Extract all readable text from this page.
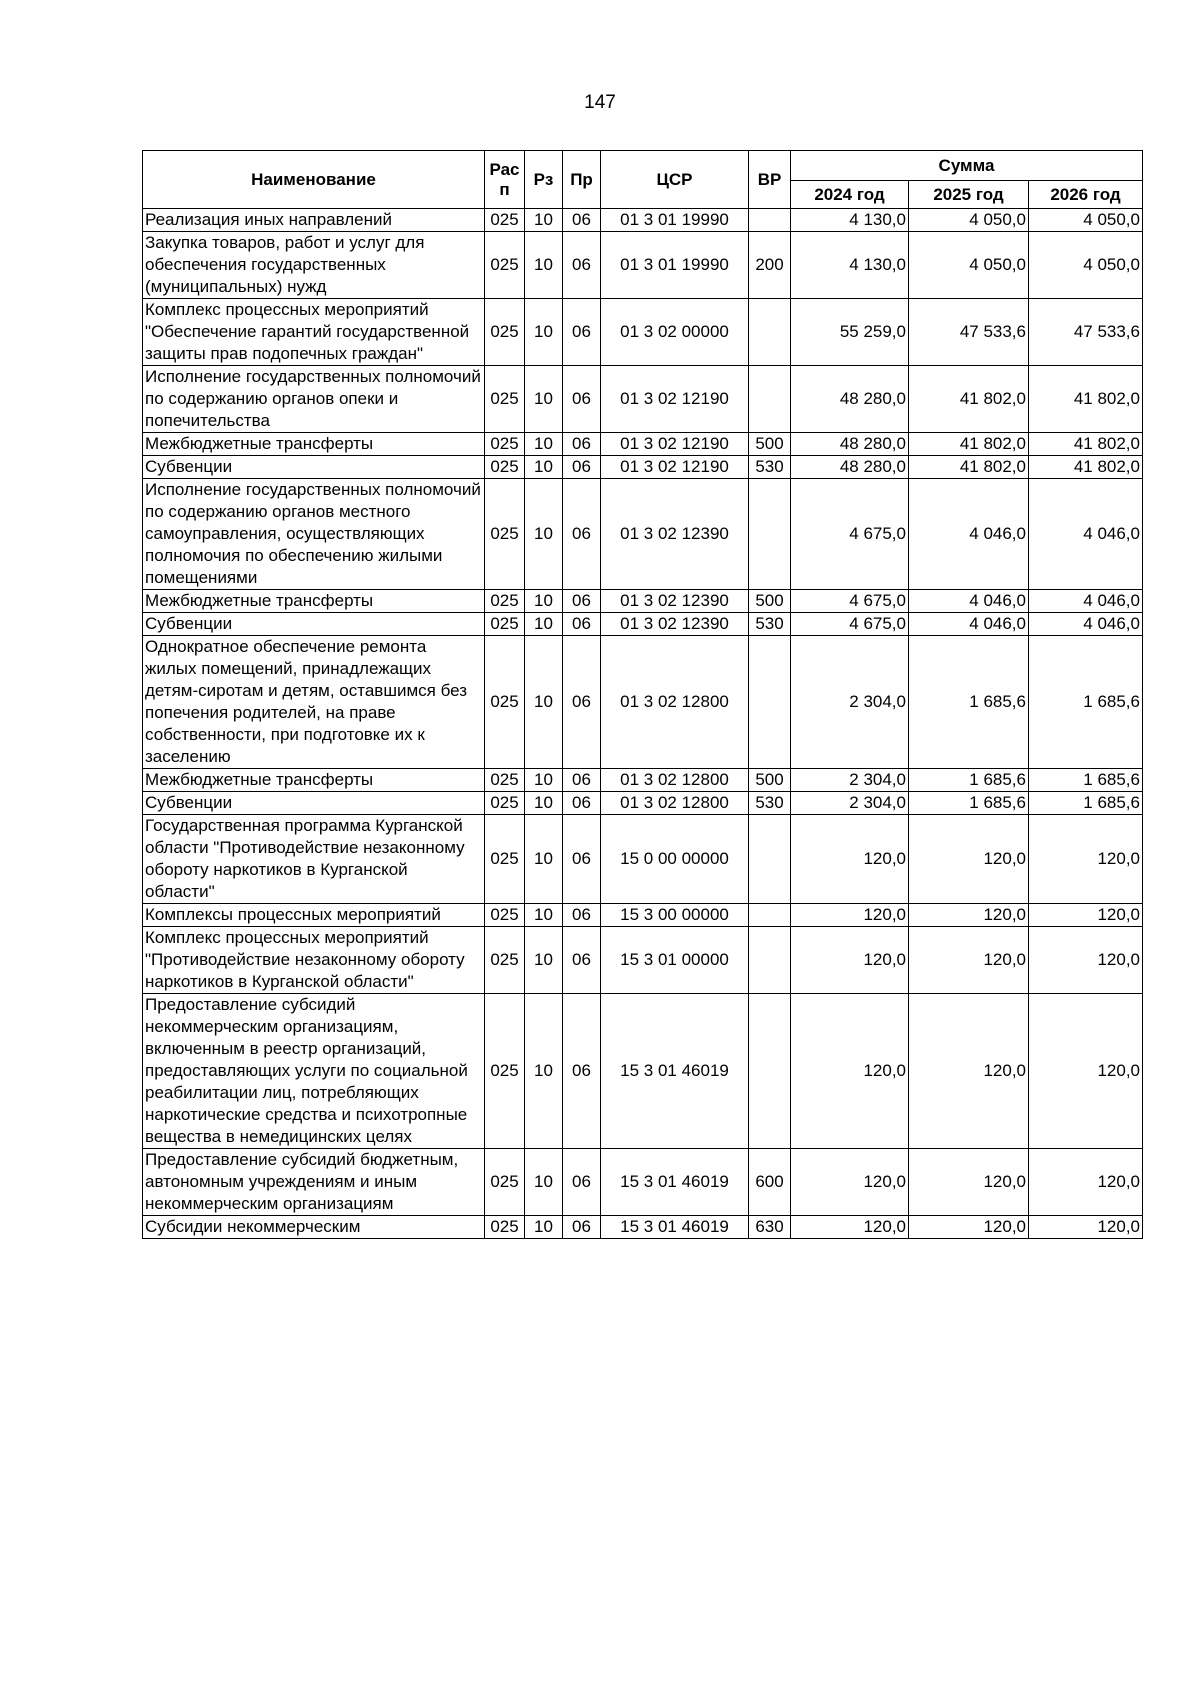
147
Наименование	Рас п	Рз	Пр	ЦСР	ВР	Сумма		
						2024 год	2025 год	2026 год
Реализация иных направлений	025	10	06	01 3 01 19990		4 130,0	4 050,0	4 050,0
Закупка товаров, работ и услуг для обеспечения государственных (муниципальных) нужд	025	10	06	01 3 01 19990	200	4 130,0	4 050,0	4 050,0
Комплекс процессных мероприятий "Обеспечение гарантий государственной защиты прав подопечных граждан"	025	10	06	01 3 02 00000		55 259,0	47 533,6	47 533,6
Исполнение государственных полномочий по содержанию органов опеки и попечительства	025	10	06	01 3 02 12190		48 280,0	41 802,0	41 802,0
Межбюджетные трансферты	025	10	06	01 3 02 12190	500	48 280,0	41 802,0	41 802,0
Субвенции	025	10	06	01 3 02 12190	530	48 280,0	41 802,0	41 802,0
Исполнение государственных полномочий по содержанию органов местного самоуправления, осуществляющих полномочия по обеспечению жилыми помещениями	025	10	06	01 3 02 12390		4 675,0	4 046,0	4 046,0
Межбюджетные трансферты	025	10	06	01 3 02 12390	500	4 675,0	4 046,0	4 046,0
Субвенции	025	10	06	01 3 02 12390	530	4 675,0	4 046,0	4 046,0
Однократное обеспечение ремонта жилых помещений, принадлежащих детям-сиротам и детям, оставшимся без попечения родителей, на праве собственности, при подготовке их к заселению	025	10	06	01 3 02 12800		2 304,0	1 685,6	1 685,6
Межбюджетные трансферты	025	10	06	01 3 02 12800	500	2 304,0	1 685,6	1 685,6
Субвенции	025	10	06	01 3 02 12800	530	2 304,0	1 685,6	1 685,6
Государственная программа Курганской области "Противодействие незаконному обороту наркотиков в Курганской области"	025	10	06	15 0 00 00000		120,0	120,0	120,0
Комплексы процессных мероприятий	025	10	06	15 3 00 00000		120,0	120,0	120,0
Комплекс процессных мероприятий "Противодействие незаконному обороту наркотиков в Курганской области"	025	10	06	15 3 01 00000		120,0	120,0	120,0
Предоставление субсидий некоммерческим организациям, включенным в реестр организаций, предоставляющих услуги по социальной реабилитации лиц, потребляющих наркотические средства и психотропные вещества в немедицинских целях	025	10	06	15 3 01 46019		120,0	120,0	120,0
Предоставление субсидий бюджетным, автономным учреждениям и иным некоммерческим организациям	025	10	06	15 3 01 46019	600	120,0	120,0	120,0
Субсидии некоммерческим	025	10	06	15 3 01 46019	630	120,0	120,0	120,0
